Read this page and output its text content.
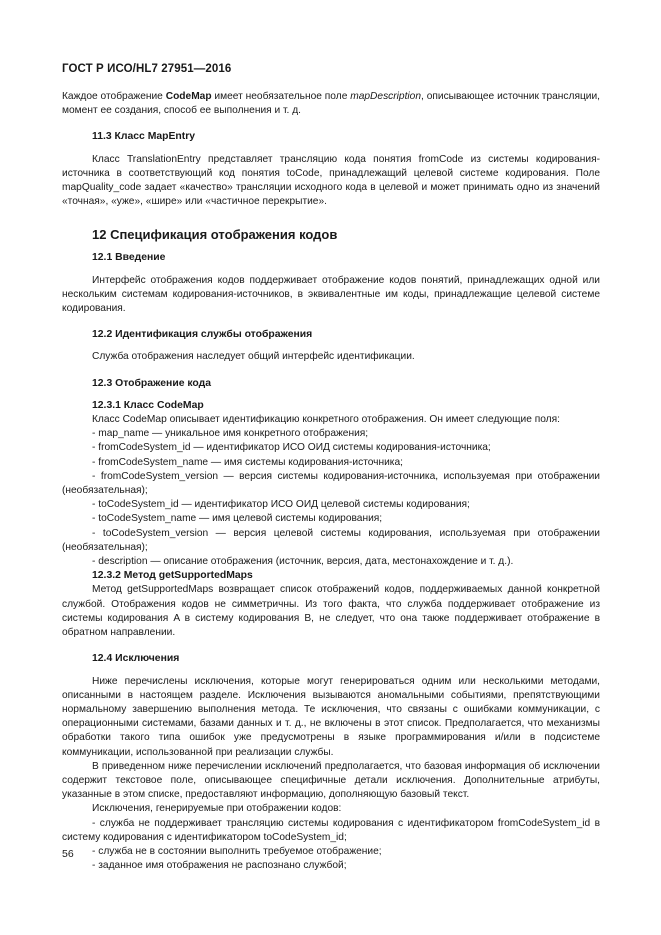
ГОСТ Р ИСО/HL7 27951—2016

Каждое отображение CodeMap имеет необязательное поле mapDescription, описывающее источник трансляции, момент ее создания, способ ее выполнения и т. д.

11.3 Класс MapEntry

Класс TranslationEntry представляет трансляцию кода понятия fromCode из системы кодирования-источника в соответствующий код понятия toCode, принадлежащий целевой системе кодирования. Поле mapQuality_code задает «качество» трансляции исходного кода в целевой и может принимать одно из значений «точная», «уже», «шире» или «частичное перекрытие».

12 Спецификация отображения кодов
12.1 Введение

Интерфейс отображения кодов поддерживает отображение кодов понятий, принадлежащих одной или нескольким системам кодирования-источников, в эквивалентные им коды, принадлежащие целевой системе кодирования.

12.2 Идентификация службы отображения

Служба отображения наследует общий интерфейс идентификации.

12.3 Отображение кода
12.3.1 Класс CodeMap

Класс CodeMap описывает идентификацию конкретного отображения. Он имеет следующие поля:

- map_name — уникальное имя конкретного отображения;

- fromCodeSystem_id — идентификатор ИСО ОИД системы кодирования-источника;

- fromCodeSystem_name — имя системы кодирования-источника;

- fromCodeSystem_version — версия системы кодирования-источника, используемая при отображении (необязательная);

- toCodeSystem_id — идентификатор ИСО ОИД целевой системы кодирования;

- toCodeSystem_name — имя целевой системы кодирования;

- toCodeSystem_version — версия целевой системы кодирования, используемая при отображении (необязательная);

- description — описание отображения (источник, версия, дата, местонахождение и т. д.).

12.3.2 Метод getSupportedMaps

Метод getSupportedMaps возвращает список отображений кодов, поддерживаемых данной конкретной службой. Отображения кодов не симметричны. Из того факта, что служба поддерживает отображение из системы кодирования A в систему кодирования B, не следует, что она также поддерживает отображение в обратном направлении.

12.4 Исключения

Ниже перечислены исключения, которые могут генерироваться одним или несколькими методами, описанными в настоящем разделе. Исключения вызываются аномальными событиями, препятствующими нормальному завершению выполнения метода. Те исключения, что связаны с ошибками коммуникации, с операционными системами, базами данных и т. д., не включены в этот список. Предполагается, что механизмы обработки такого типа ошибок уже предусмотрены в языке программирования и/или в подсистеме коммуникации, использованной при реализации службы.

В приведенном ниже перечислении исключений предполагается, что базовая информация об исключении содержит текстовое поле, описывающее специфичные детали исключения. Дополнительные атрибуты, указанные в этом списке, предоставляют информацию, дополняющую базовый текст.

Исключения, генерируемые при отображении кодов:

- служба не поддерживает трансляцию системы кодирования с идентификатором fromCodeSystem_id в систему кодирования с идентификатором toCodeSystem_id;

- служба не в состоянии выполнить требуемое отображение;

- заданное имя отображения не распознано службой;

56
